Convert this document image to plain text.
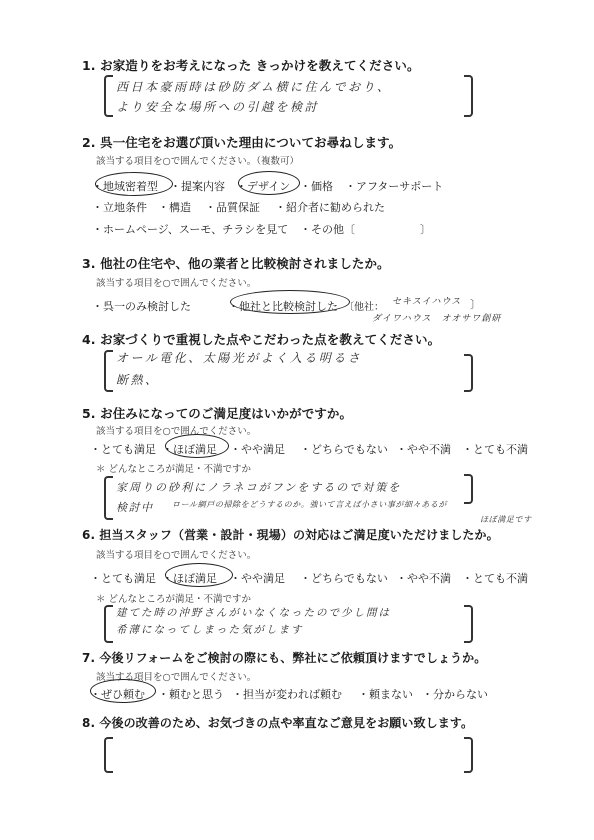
1. お家造りをお考えになった きっかけを教えてください。
西日本豪雨時は砂防ダム横に住んでおり、
より安全な場所への引越を検討
2. 呉一住宅をお選び頂いた理由についてお尋ねします。
該当する項目を○で囲んでください。（複数可）
・地域密着型 ・提案内容 ・デザイン ・価格 ・アフターサポート
・立地条件 ・構造 ・品質保証 ・紹介者に勧められた
・ホームページ、スーモ、チラシを見て ・その他〔	〕
3. 他社の住宅や、他の業者と比較検討されましたか。
該当する項目を○で囲んでください。
・呉一のみ検討した	・他社と比較検討した 〔他社： セキスイハウス 〕
ダイワハウス　オオサワ創研
4. お家づくりで重視した点やこだわった点を教えてください。
オール電化、太陽光がよく入る明るさ
断熱、
5. お住みになってのご満足度はいかがですか。
該当する項目を○で囲んでください。
・とても満足 ・ほぼ満足 ・やや満足 ・どちらでもない ・やや不満 ・とても不満
＊ どんなところが満足・不満ですか
家周りの砂利にノラネコがフンをするので対策を
検討中 ロール網戸の掃除をどうするのか。強いて言えば小さい事が細々あるが
ほぼ満足です
6. 担当スタッフ（営業・設計・現場）の対応はご満足度いただけましたか。
該当する項目を○で囲んでください。
・とても満足 ・ほぼ満足 ・やや満足 ・どちらでもない ・やや不満 ・とても不満
＊ どんなところが満足・不満ですか
建てた時の沖野さんがいなくなったので少し間は
希薄になってしまった気がします
7. 今後リフォームをご検討の際にも、弊社にご依頼頂けますでしょうか。
該当する項目を○で囲んでください。
・ぜひ頼む ・頼むと思う ・担当が変われば頼む ・頼まない ・分からない
8. 今後の改善のため、お気づきの点や率直なご意見をお願い致します。
